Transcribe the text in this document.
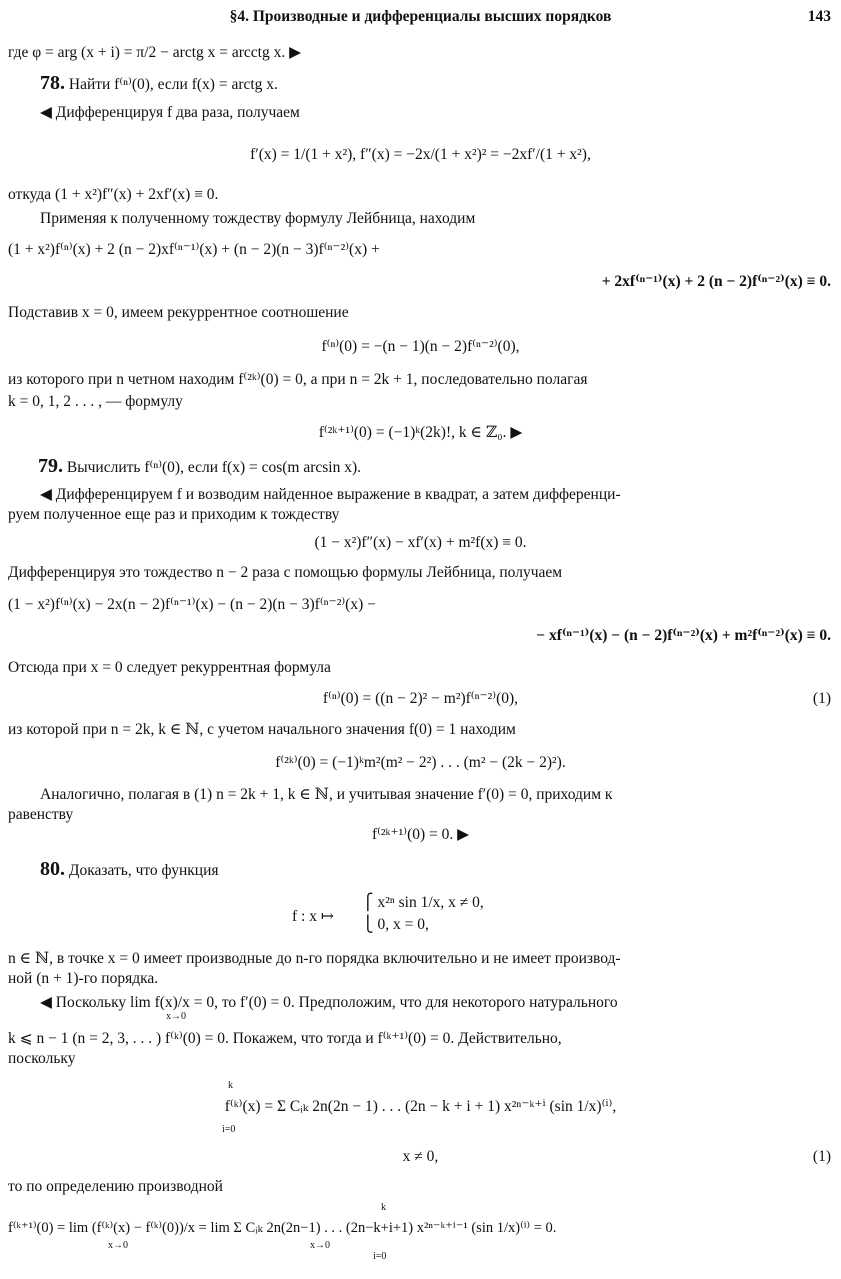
§4. Производные и дифференциалы высших порядков	143
где φ = arg (x + i) = π/2 − arctg x = arcctg x. ▶
78. Найти f⁽ⁿ⁾(0), если f(x) = arctg x.
◀ Дифференцируя f два раза, получаем
f′(x) = 1/(1 + x²), f″(x) = −2x/(1 + x²)² = −2xf′/(1 + x²),
откуда (1 + x²)f″(x) + 2xf′(x) ≡ 0.
Применяя к полученному тождеству формулу Лейбница, находим
(1 + x²)f⁽ⁿ⁾(x) + 2 (n − 2)xf⁽ⁿ⁻¹⁾(x) + (n − 2)(n − 3)f⁽ⁿ⁻²⁾(x) +
+ 2xf⁽ⁿ⁻¹⁾(x) + 2 (n − 2)f⁽ⁿ⁻²⁾(x) ≡ 0.
Подставив x = 0, имеем рекуррентное соотношение
f⁽ⁿ⁾(0) = −(n − 1)(n − 2)f⁽ⁿ⁻²⁾(0),
из которого при n четном находим f⁽²ᵏ⁾(0) = 0, а при n = 2k + 1, последовательно полагая
k = 0, 1, 2 . . . , — формулу
f⁽²ᵏ⁺¹⁾(0) = (−1)ᵏ(2k)!, k ∈ ℤ₀. ▶
79. Вычислить f⁽ⁿ⁾(0), если f(x) = cos(m arcsin x).
◀ Дифференцируем f и возводим найденное выражение в квадрат, а затем дифференци-
руем полученное еще раз и приходим к тождеству
(1 − x²)f″(x) − xf′(x) + m²f(x) ≡ 0.
Дифференцируя это тождество n − 2 раза с помощью формулы Лейбница, получаем
(1 − x²)f⁽ⁿ⁾(x) − 2x(n − 2)f⁽ⁿ⁻¹⁾(x) − (n − 2)(n − 3)f⁽ⁿ⁻²⁾(x) −
− xf⁽ⁿ⁻¹⁾(x) − (n − 2)f⁽ⁿ⁻²⁾(x) + m²f⁽ⁿ⁻²⁾(x) ≡ 0.
Отсюда при x = 0 следует рекуррентная формула
f⁽ⁿ⁾(0) = ((n − 2)² − m²)f⁽ⁿ⁻²⁾(0),	(1)
из которой при n = 2k, k ∈ ℕ, с учетом начального значения f(0) = 1 находим
f⁽²ᵏ⁾(0) = (−1)ᵏm²(m² − 2²) . . . (m² − (2k − 2)²).
Аналогично, полагая в (1) n = 2k + 1, k ∈ ℕ, и учитывая значение f′(0) = 0, приходим к
равенству
f⁽²ᵏ⁺¹⁾(0) = 0. ▶
80. Доказать, что функция
f : x ↦
⎧ x²ⁿ sin 1/x, x ≠ 0,
⎩ 0, x = 0,
n ∈ ℕ, в точке x = 0 имеет производные до n-го порядка включительно и не имеет производ-
ной (n + 1)-го порядка.
◀ Поскольку lim f(x)/x = 0, то f′(0) = 0. Предположим, что для некоторого натурального
x→0
k ⩽ n − 1 (n = 2, 3, . . . ) f⁽ᵏ⁾(0) = 0. Покажем, что тогда и f⁽ᵏ⁺¹⁾(0) = 0. Действительно,
поскольку
k
f⁽ᵏ⁾(x) = Σ Cᵢₖ 2n(2n − 1) . . . (2n − k + i + 1) x²ⁿ⁻ᵏ⁺ⁱ (sin 1/x)⁽ⁱ⁾,
i=0
x ≠ 0,	(1)
то по определению производной
k
f⁽ᵏ⁺¹⁾(0) = lim (f⁽ᵏ⁾(x) − f⁽ᵏ⁾(0))/x = lim Σ Cᵢₖ 2n(2n−1) . . . (2n−k+i+1) x²ⁿ⁻ᵏ⁺ⁱ⁻¹ (sin 1/x)⁽ⁱ⁾ = 0.
x→0	x→0
i=0
